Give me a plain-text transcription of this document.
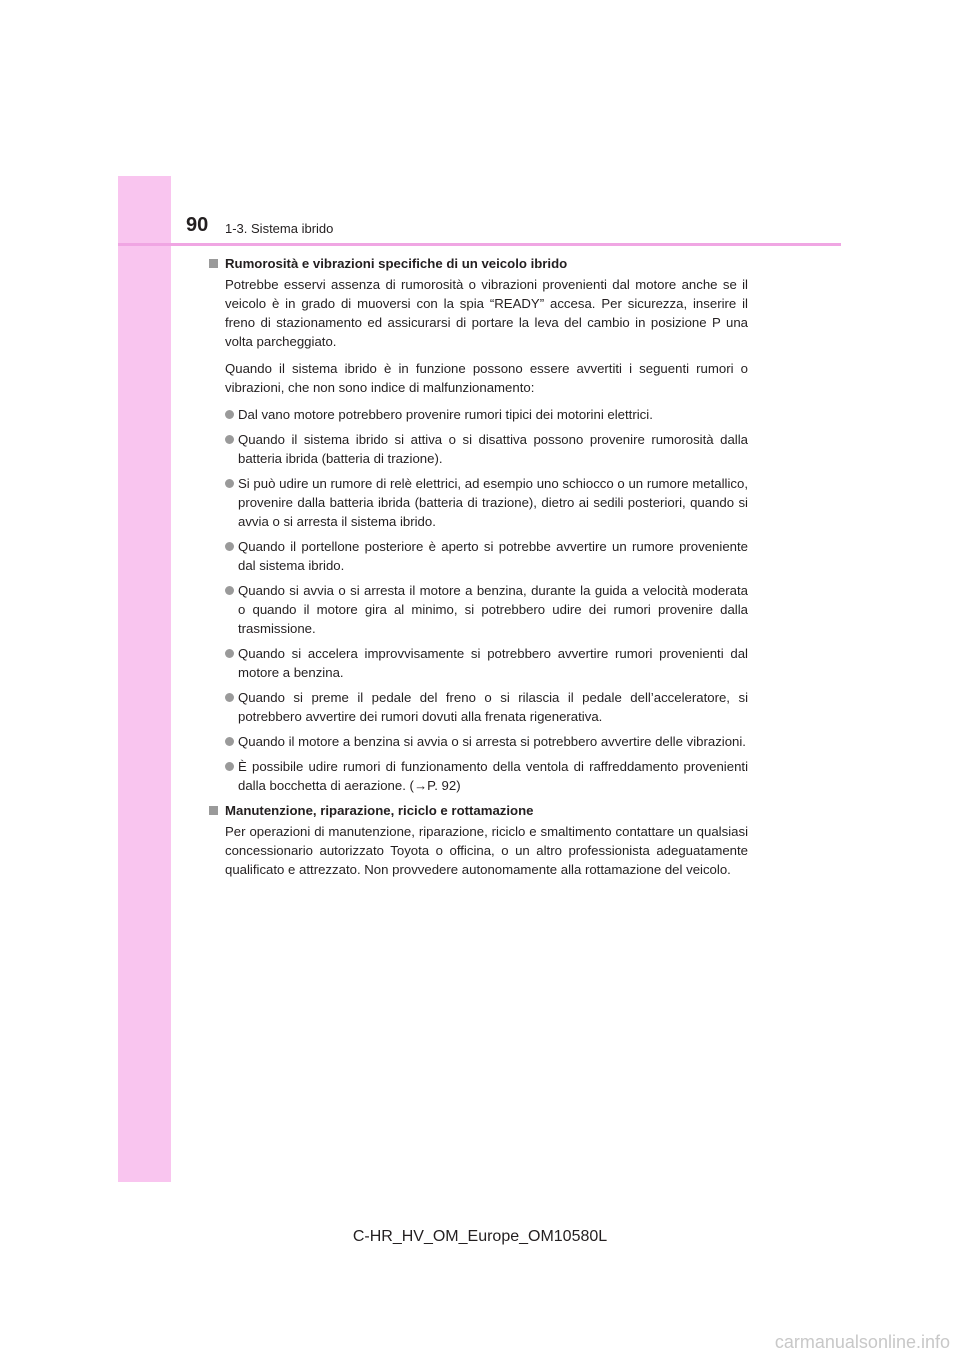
90 1-3. Sistema ibrido
Rumorosità e vibrazioni specifiche di un veicolo ibrido
Potrebbe esservi assenza di rumorosità o vibrazioni provenienti dal motore anche se il veicolo è in grado di muoversi con la spia “READY” accesa. Per sicurezza, inserire il freno di stazionamento ed assicurarsi di portare la leva del cambio in posizione P una volta parcheggiato.
Quando il sistema ibrido è in funzione possono essere avvertiti i seguenti rumori o vibrazioni, che non sono indice di malfunzionamento:
Dal vano motore potrebbero provenire rumori tipici dei motorini elettrici.
Quando il sistema ibrido si attiva o si disattiva possono provenire rumorosità dalla batteria ibrida (batteria di trazione).
Si può udire un rumore di relè elettrici, ad esempio uno schiocco o un rumore metallico, provenire dalla batteria ibrida (batteria di trazione), dietro ai sedili posteriori, quando si avvia o si arresta il sistema ibrido.
Quando il portellone posteriore è aperto si potrebbe avvertire un rumore proveniente dal sistema ibrido.
Quando si avvia o si arresta il motore a benzina, durante la guida a velocità moderata o quando il motore gira al minimo, si potrebbero udire dei rumori provenire dalla trasmissione.
Quando si accelera improvvisamente si potrebbero avvertire rumori provenienti dal motore a benzina.
Quando si preme il pedale del freno o si rilascia il pedale dell’acceleratore, si potrebbero avvertire dei rumori dovuti alla frenata rigenerativa.
Quando il motore a benzina si avvia o si arresta si potrebbero avvertire delle vibrazioni.
È possibile udire rumori di funzionamento della ventola di raffreddamento provenienti dalla bocchetta di aerazione. (→P. 92)
Manutenzione, riparazione, riciclo e rottamazione
Per operazioni di manutenzione, riparazione, riciclo e smaltimento contattare un qualsiasi concessionario autorizzato Toyota o officina, o un altro professionista adeguatamente qualificato e attrezzato. Non provvedere autonomamente alla rottamazione del veicolo.
C-HR_HV_OM_Europe_OM10580L
carmanualsonline.info
